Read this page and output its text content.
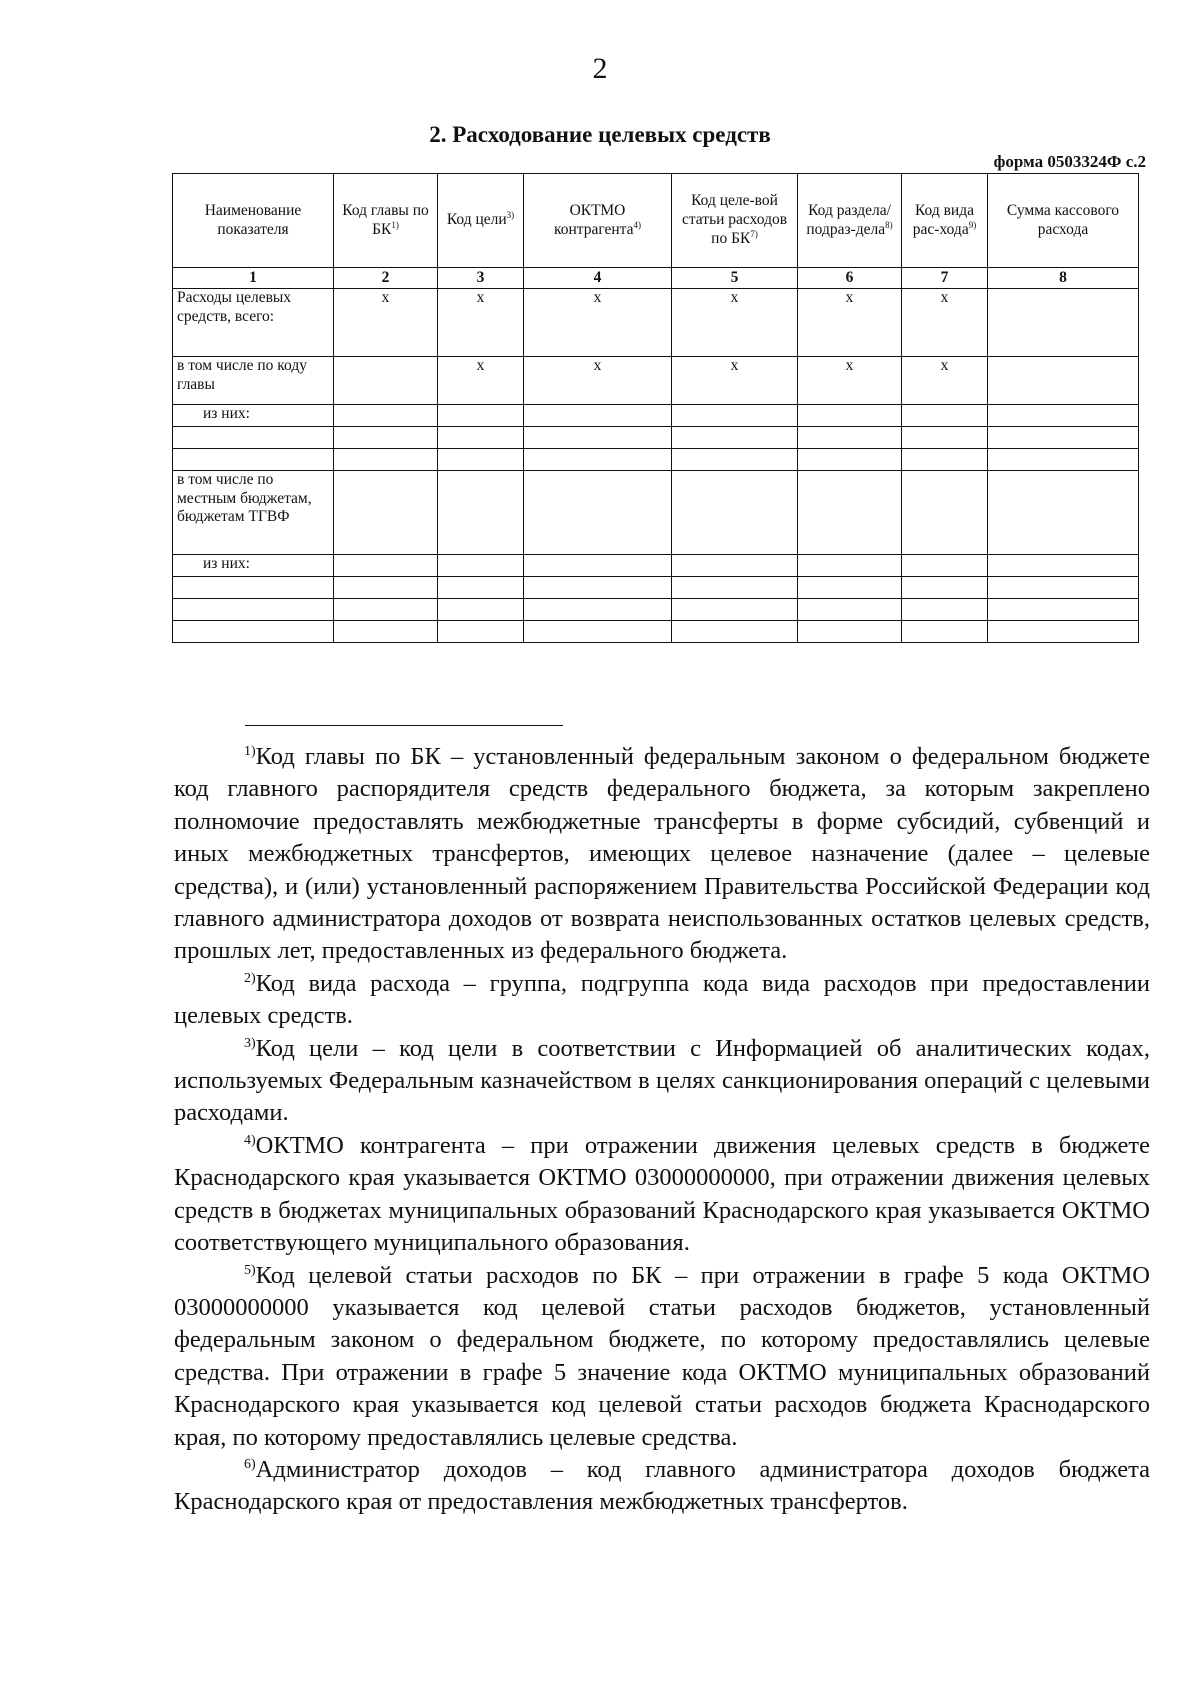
2
2. Расходование целевых средств
форма 0503324Ф с.2
Наименование показателя	Код главы по БК$^{1)}$	Код цели$^{3)}$	ОКТМО контрагента$^{4)}$	Код целе-вой статьи расходов по БК$^{7)}$	Код раздела/ подраз-дела$^{8)}$	Код вида рас-хода$^{9)}$	Сумма кассового расхода
1	2	3	4	5	6	7	8
Расходы целевых средств, всего:	x	x	x	x	x	x	
в том числе по коду главы		x	x	x	x	x	
из них:							

в том числе по местным бюджетам, бюджетам ТГВФ							
из них:							

$^{1)}$Код главы по БК – установленный федеральным законом о федеральном бюджете код главного распорядителя средств федерального бюджета, за которым закреплено полномочие предоставлять межбюджетные трансферты в форме субсидий, субвенций и иных межбюджетных трансфертов, имеющих целевое назначение (далее – целевые средства), и (или) установленный распоряжением Правительства Российской Федерации код главного администратора доходов от возврата неиспользованных остатков целевых средств, прошлых лет, предоставленных из федерального бюджета.

$^{2)}$Код вида расхода – группа, подгруппа кода вида расходов при предоставлении целевых средств.

$^{3)}$Код цели – код цели в соответствии с Информацией об аналитических кодах, используемых Федеральным казначейством в целях санкционирования операций с целевыми расходами.

$^{4)}$ОКТМО контрагента – при отражении движения целевых средств в бюджете Краснодарского края указывается ОКТМО 03000000000, при отражении движения целевых средств в бюджетах муниципальных образований Краснодарского края указывается ОКТМО соответствующего муниципального образования.

$^{5)}$Код целевой статьи расходов по БК – при отражении в графе 5 кода ОКТМО 03000000000 указывается код целевой статьи расходов бюджетов, установленный федеральным законом о федеральном бюджете, по которому предоставлялись целевые средства. При отражении в графе 5 значение кода ОКТМО муниципальных образований Краснодарского края указывается код целевой статьи расходов бюджета Краснодарского края, по которому предоставлялись целевые средства.

$^{6)}$Администратор доходов – код главного администратора доходов бюджета Краснодарского края от предоставления межбюджетных трансфертов.
